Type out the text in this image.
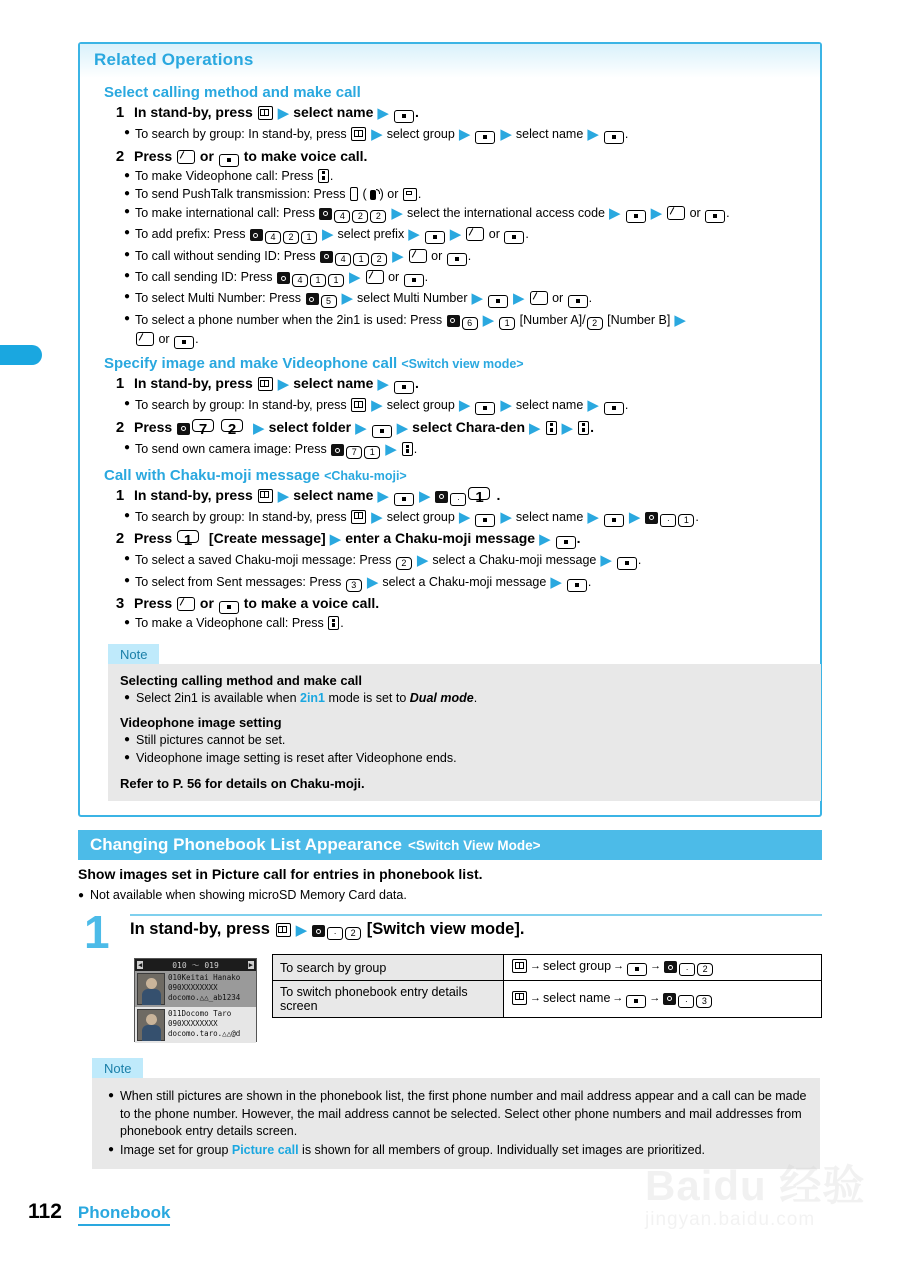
Related Operations
Select calling method and make call
1 In stand-by, press ▶ select name ▶ .
● To search by group: In stand-by, press ▶ select group ▶ ▶ select name ▶ .
2 Press  or  to make voice call.
● To make Videophone call: Press .
● To send PushTalk transmission: Press  ( ) or .
● To make international call: Press 4 2 2 ▶ select the international access code ▶ ▶ or .
● To add prefix: Press 4 2 1 ▶ select prefix ▶ ▶ or .
● To call without sending ID: Press 4 1 2 ▶ or .
● To call sending ID: Press 4 1 1 ▶ or .
● To select Multi Number: Press 5 ▶ select Multi Number ▶ ▶ or .
● To select a phone number when the 2in1 is used: Press 6 ▶ 1 [Number A]/ 2 [Number B] ▶
or .
Specify image and make Videophone call <Switch view mode>
1 In stand-by, press ▶ select name ▶ .
● To search by group: In stand-by, press ▶ select group ▶ ▶ select name ▶ .
2 Press 7 2 ▶ select folder ▶ ▶ select Chara-den ▶ ▶ .
● To send own camera image: Press 7 1 ▶ .
Call with Chaku-moji message <Chaku-moji>
1 In stand-by, press ▶ select name ▶ ▶	· 1 .
● To search by group: In stand-by, press ▶ select group ▶ ▶ select name ▶ ▶	· 1 .
2 Press 1 [Create message] ▶ enter a Chaku-moji message ▶ .
● To select a saved Chaku-moji message: Press 2 ▶ select a Chaku-moji message ▶ .
● To select from Sent messages: Press 3 ▶ select a Chaku-moji message ▶ .
3 Press  or  to make a voice call.
● To make a Videophone call: Press .
Note
Selecting calling method and make call
● Select 2in1 is available when 2in1 mode is set to Dual mode.
Videophone image setting
● Still pictures cannot be set.
● Videophone image setting is reset after Videophone ends.
Refer to P. 56 for details on Chaku-moji.
Changing Phonebook List Appearance <Switch View Mode>
Show images set in Picture call for entries in phonebook list.
● Not available when showing microSD Memory Card data.
1 In stand-by, press ▶	· 2 [Switch view mode].
◀	010 〜 019	▶
010Keitai Hanako
090XXXXXXXX
docomo.△△_ab1234
011Docomo Taro
090XXXXXXXX
docomo.taro.△△@d
To search by group	→ select group → → · 2
To switch phonebook entry details screen	→ select name → → · 3
Note
● When still pictures are shown in the phonebook list, the first phone number and mail address appear and a call can be made to the phone number. However, the mail address cannot be selected. Select other phone numbers and mail addresses from phonebook entry details screen.
● Image set for group Picture call is shown for all members of group. Individually set images are prioritized.
Baidu 经验
jingyan.baidu.com
112 Phonebook
